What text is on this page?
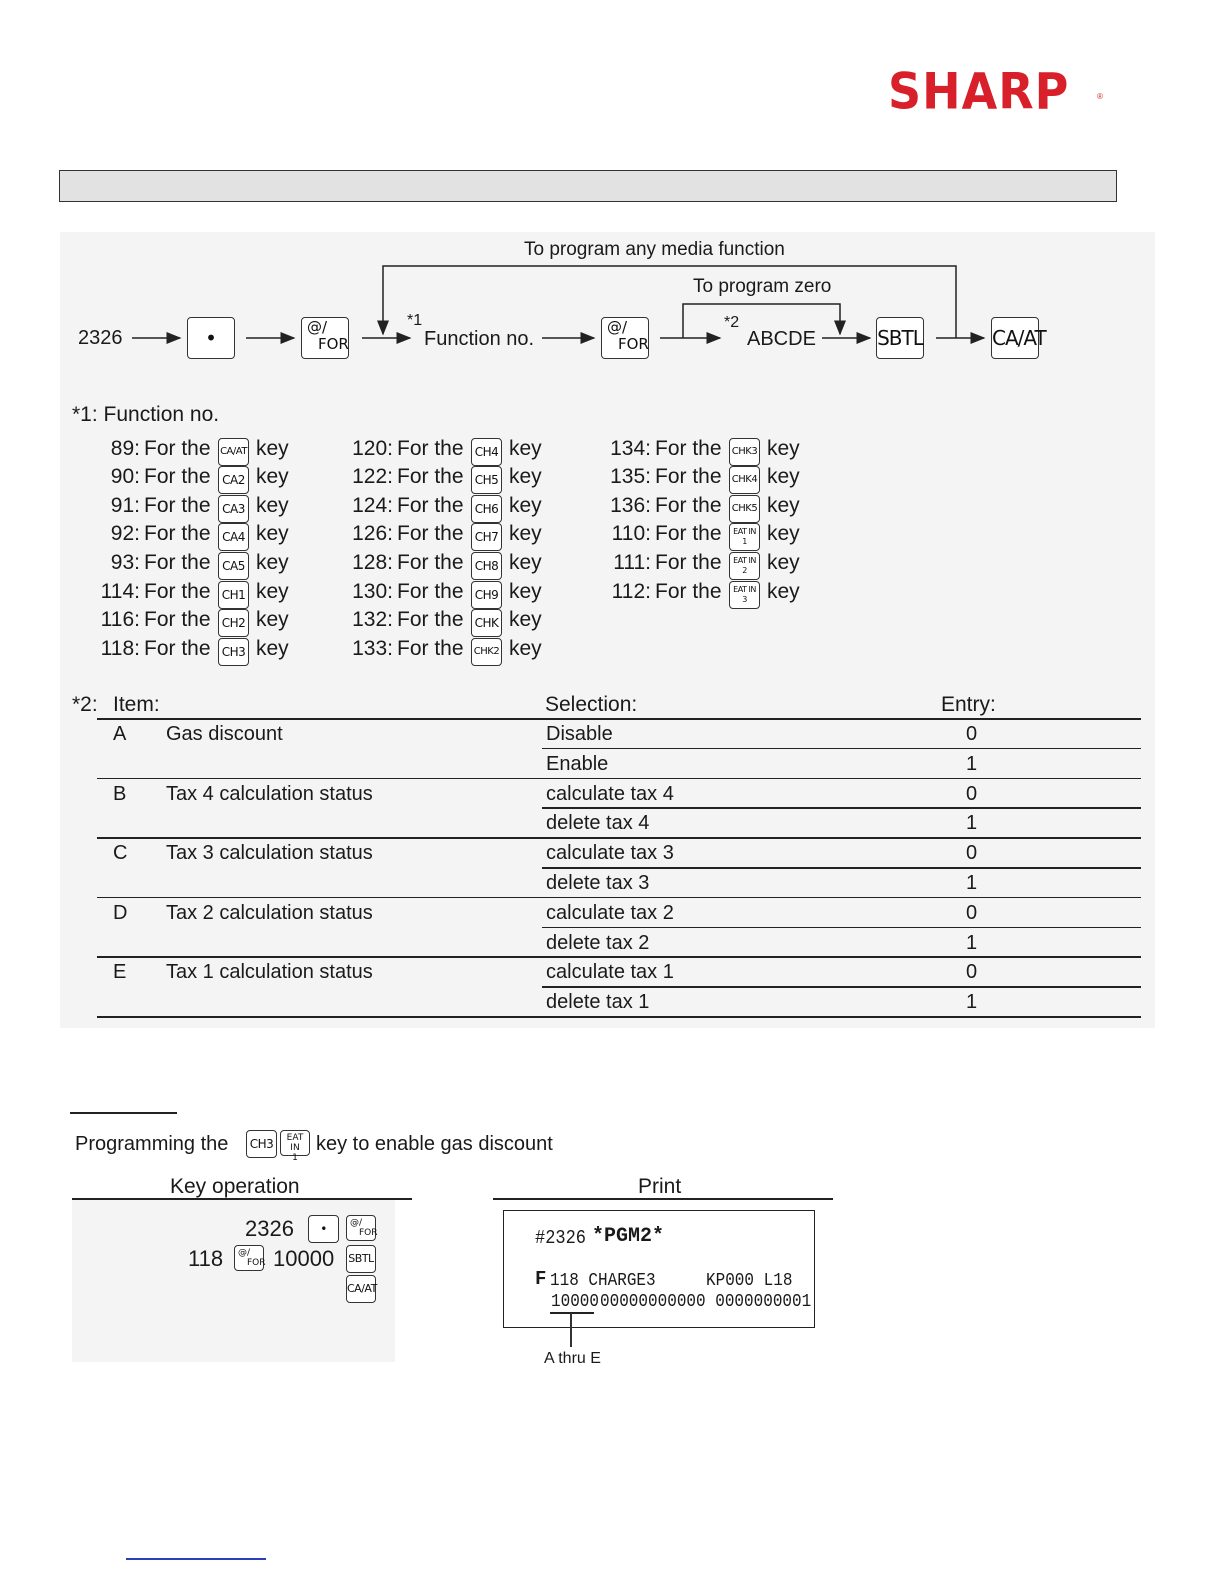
SHARP	®
2326	•	@/
FOR
*1
Function no.
@/
FOR
*2
ABCDE	SBTL	CA/AT
To program any media function
To program zero
*1: Function no.
89: For the CA/AT key
90: For the CA2 key
91: For the CA3 key
92: For the CA4 key
93: For the CA5 key
114: For the CH1 key
116: For the CH2 key
118: For the CH3 key
120: For the CH4 key
122: For the CH5 key
124: For the CH6 key
126: For the CH7 key
128: For the CH8 key
130: For the CH9 key
132: For the CHK key
133: For the CHK2 key
134: For the CHK3 key
135: For the CHK4 key
136: For the CHK5 key
110: For the	EAT IN
1 key
111: For the	EAT IN
2 key
112: For the	EAT IN
3 key
*2: Item:	Selection:	Entry:
A Gas discount	Disable	0
Enable	1
B Tax 4 calculation status	calculate tax 4	0
delete tax 4	1
C Tax 3 calculation status	calculate tax 3	0
delete tax 3	1
D Tax 2 calculation status	calculate tax 2	0
delete tax 2	1
E Tax 1 calculation status	calculate tax 1	0
delete tax 1	1
Programming the	CH3	EAT IN
1
key to enable gas discount
Key operation	Print
2326	•	@/
FOR
118 @/
FOR 10000 SBTL
CA/AT
#2326 *PGM2*
F 118 CHARGE3	KP000 L18
10000 00000000000 0000000001
A thru E
